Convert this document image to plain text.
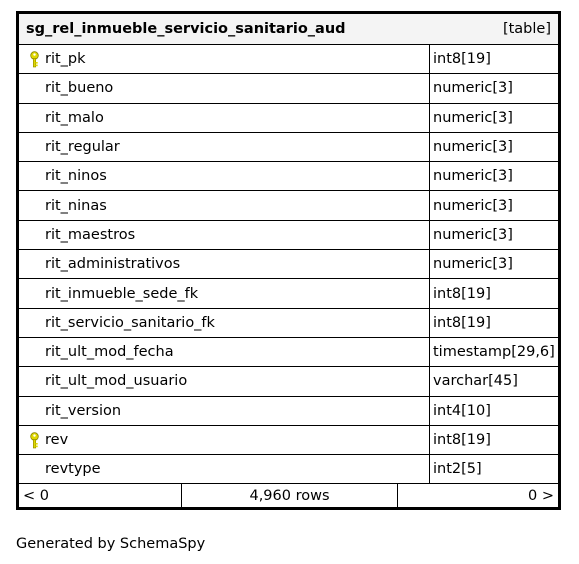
sg_rel_inmueble_servicio_sanitario_aud	[table]
rit_pk	int8[19]
rit_bueno	numeric[3]
rit_malo	numeric[3]
rit_regular	numeric[3]
rit_ninos	numeric[3]
rit_ninas	numeric[3]
rit_maestros	numeric[3]
rit_administrativos	numeric[3]
rit_inmueble_sede_fk	int8[19]
rit_servicio_sanitario_fk	int8[19]
rit_ult_mod_fecha	timestamp[29,6]
rit_ult_mod_usuario	varchar[45]
rit_version	int4[10]
rev	int8[19]
revtype	int2[5]
< 0	4,960 rows	0 >
Generated by SchemaSpy
